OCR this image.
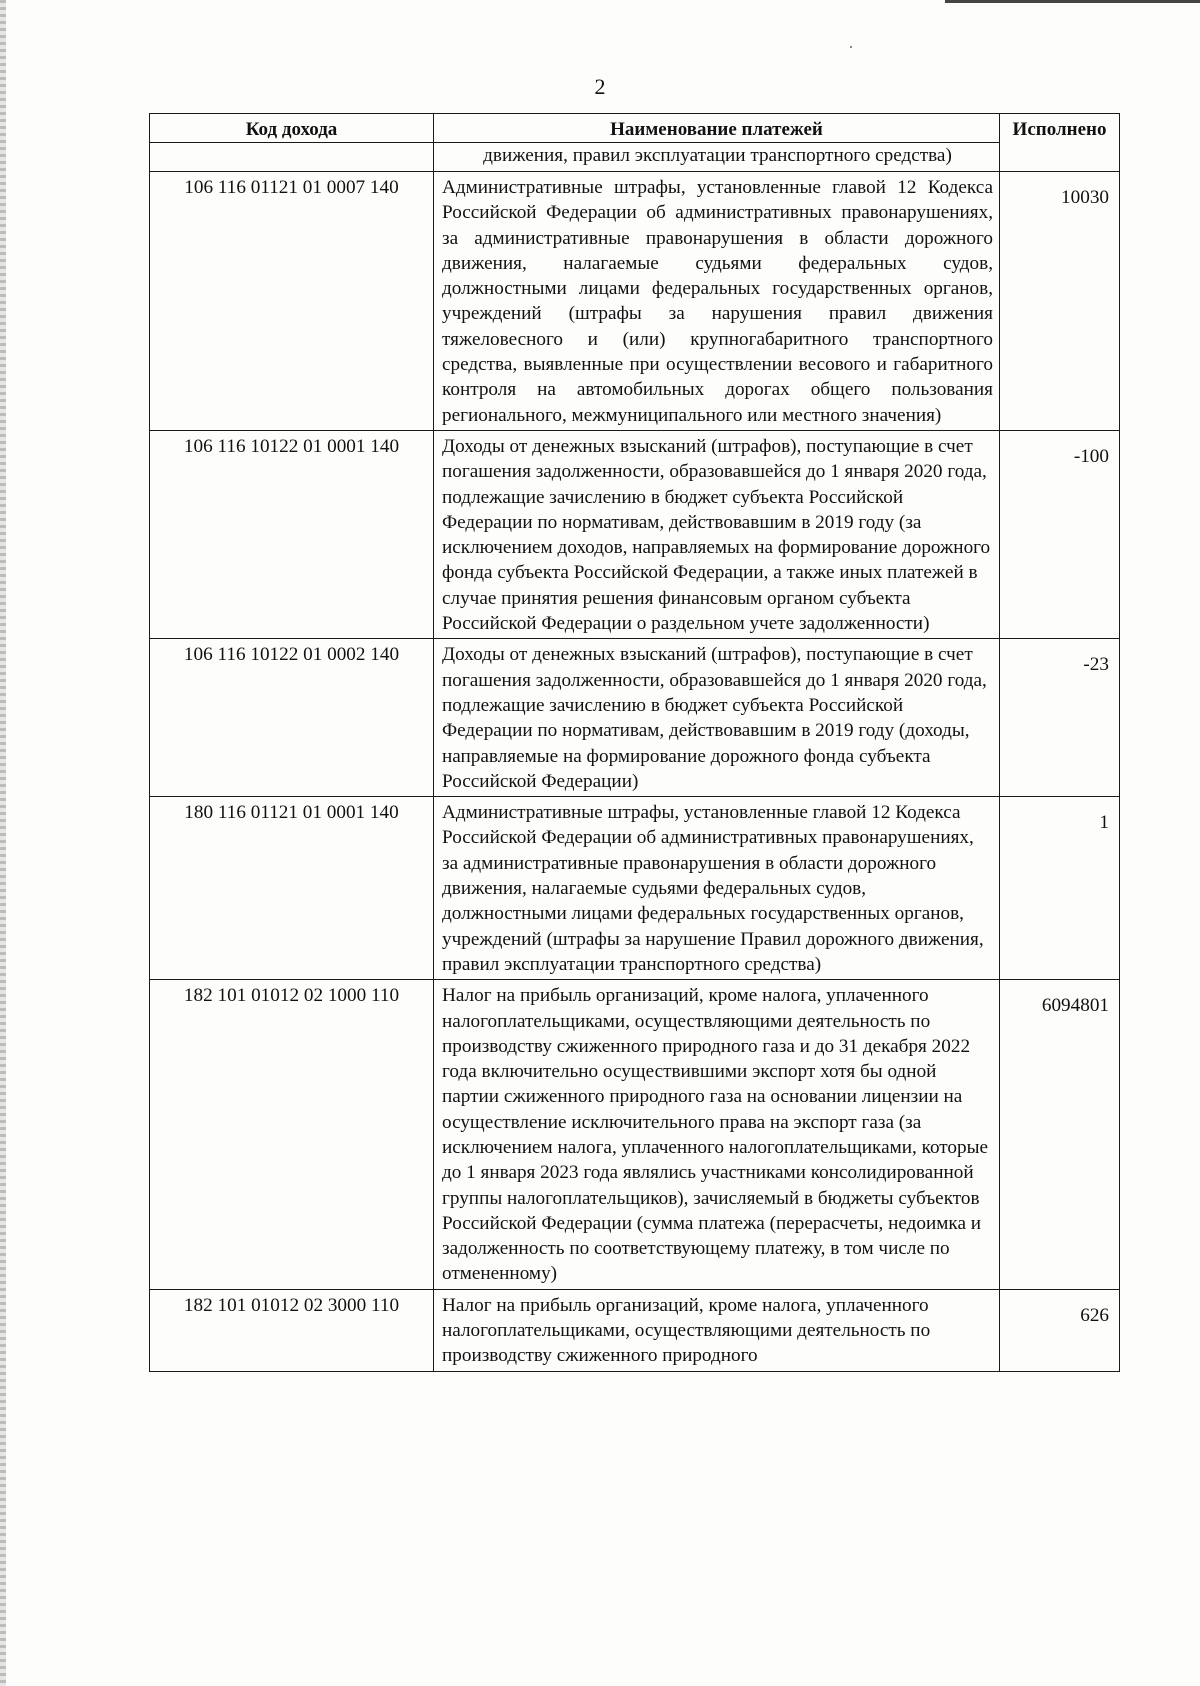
2
Код дохода	Наименование платежей	Исполнено
	движения, правил эксплуатации транспортного средства)	
106 116 01121 01 0007 140	Административные штрафы, установленные главой 12 Кодекса Российской Федерации об административных правонарушениях, за административные правонарушения в области дорожного движения, налагаемые судьями федеральных судов, должностными лицами федеральных государственных органов, учреждений (штрафы за нарушения правил движения тяжеловесного и (или) крупногабаритного транспортного средства, выявленные при осуществлении весового и габаритного контроля на автомобильных дорогах общего пользования регионального, межмуниципального или местного значения)	10030
106 116 10122 01 0001 140	Доходы от денежных взысканий (штрафов), поступающие в счет погашения задолженности, образовавшейся до 1 января 2020 года, подлежащие зачислению в бюджет субъекта Российской Федерации по нормативам, действовавшим в 2019 году (за исключением доходов, направляемых на формирование дорожного фонда субъекта Российской Федерации, а также иных платежей в случае принятия решения финансовым органом субъекта Российской Федерации о раздельном учете задолженности)	-100
106 116 10122 01 0002 140	Доходы от денежных взысканий (штрафов), поступающие в счет погашения задолженности, образовавшейся до 1 января 2020 года, подлежащие зачислению в бюджет субъекта Российской Федерации по нормативам, действовавшим в 2019 году (доходы, направляемые на формирование дорожного фонда субъекта Российской Федерации)	-23
180 116 01121 01 0001 140	Административные штрафы, установленные главой 12 Кодекса Российской Федерации об административных правонарушениях, за административные правонарушения в области дорожного движения, налагаемые судьями федеральных судов, должностными лицами федеральных государственных органов, учреждений (штрафы за нарушение Правил дорожного движения, правил эксплуатации транспортного средства)	1
182 101 01012 02 1000 110	Налог на прибыль организаций, кроме налога, уплаченного налогоплательщиками, осуществляющими деятельность по производству сжиженного природного газа и до 31 декабря 2022 года включительно осуществившими экспорт хотя бы одной партии сжиженного природного газа на основании лицензии на осуществление исключительного права на экспорт газа (за исключением налога, уплаченного налогоплательщиками, которые до 1 января 2023 года являлись участниками консолидированной группы налогоплательщиков), зачисляемый в бюджеты субъектов Российской Федерации (сумма платежа (перерасчеты, недоимка и задолженность по соответствующему платежу, в том числе по отмененному)	6094801
182 101 01012 02 3000 110	Налог на прибыль организаций, кроме налога, уплаченного налогоплательщиками, осуществляющими деятельность по производству сжиженного природного	626
